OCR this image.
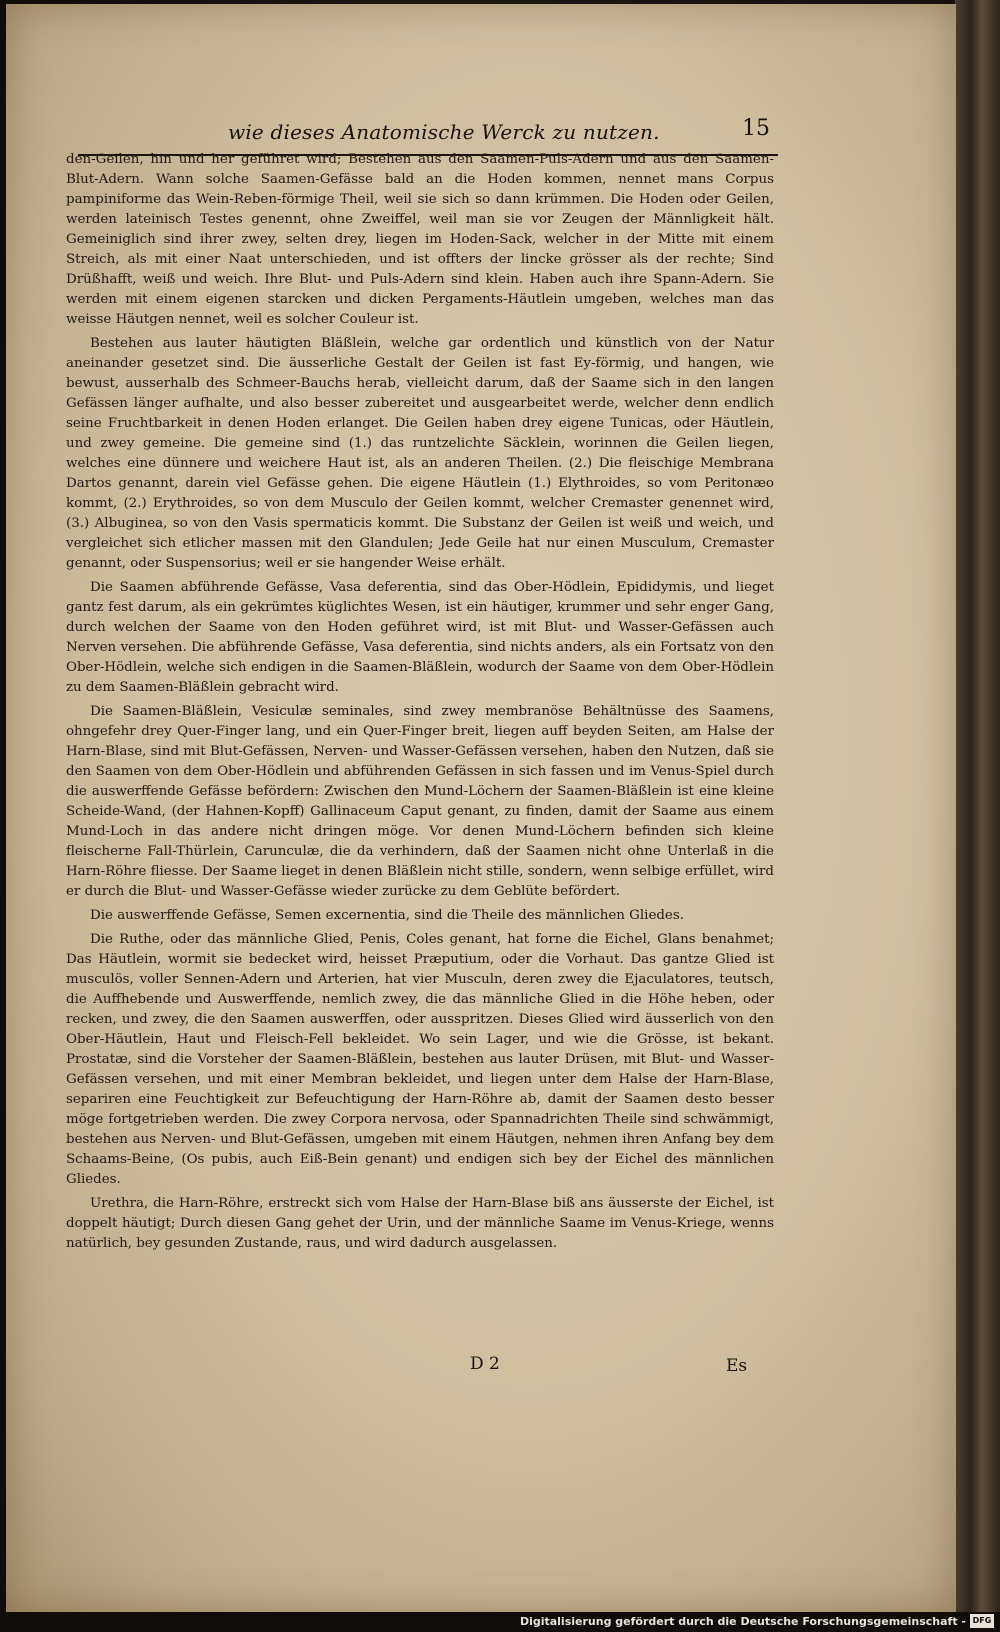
wie dieses Anatomische Werck zu nutzen.	15

den-Geilen, hin und her geführet wird; Bestehen aus den Saamen-Puls-Adern und aus den Saamen-Blut-Adern. Wann solche Saamen-Gefässe bald an die Hoden kommen, nennet mans Corpus pampiniforme das Wein-Reben-förmige Theil, weil sie sich so dann krümmen. Die Hoden oder Geilen, werden lateinisch Testes genennt, ohne Zweiffel, weil man sie vor Zeugen der Männligkeit hält. Gemeiniglich sind ihrer zwey, selten drey, liegen im Hoden-Sack, welcher in der Mitte mit einem Streich, als mit einer Naat unterschieden, und ist offters der lincke grösser als der rechte; Sind Drüßhafft, weiß und weich. Ihre Blut- und Puls-Adern sind klein. Haben auch ihre Spann-Adern. Sie werden mit einem eigenen starcken und dicken Pergaments-Häutlein umgeben, welches man das weisse Häutgen nennet, weil es solcher Couleur ist.

Bestehen aus lauter häutigten Bläßlein, welche gar ordentlich und künstlich von der Natur aneinander gesetzet sind. Die äusserliche Gestalt der Geilen ist fast Ey-förmig, und hangen, wie bewust, ausserhalb des Schmeer-Bauchs herab, vielleicht darum, daß der Saame sich in den langen Gefässen länger aufhalte, und also besser zubereitet und ausgearbeitet werde, welcher denn endlich seine Fruchtbarkeit in denen Hoden erlanget. Die Geilen haben drey eigene Tunicas, oder Häutlein, und zwey gemeine. Die gemeine sind (1.) das runtzelichte Säcklein, worinnen die Geilen liegen, welches eine dünnere und weichere Haut ist, als an anderen Theilen. (2.) Die fleischige Membrana Dartos genannt, darein viel Gefässe gehen. Die eigene Häutlein (1.) Elythroides, so vom Peritonæo kommt, (2.) Erythroides, so von dem Musculo der Geilen kommt, welcher Cremaster genennet wird, (3.) Albuginea, so von den Vasis spermaticis kommt. Die Substanz der Geilen ist weiß und weich, und vergleichet sich etlicher massen mit den Glandulen; Jede Geile hat nur einen Musculum, Cremaster genannt, oder Suspensorius; weil er sie hangender Weise erhält.

Die Saamen abführende Gefässe, Vasa deferentia, sind das Ober-Hödlein, Epididymis, und lieget gantz fest darum, als ein gekrümtes küglichtes Wesen, ist ein häutiger, krummer und sehr enger Gang, durch welchen der Saame von den Hoden geführet wird, ist mit Blut- und Wasser-Gefässen auch Nerven versehen. Die abführende Gefässe, Vasa deferentia, sind nichts anders, als ein Fortsatz von den Ober-Hödlein, welche sich endigen in die Saamen-Bläßlein, wodurch der Saame von dem Ober-Hödlein zu dem Saamen-Bläßlein gebracht wird.

Die Saamen-Bläßlein, Vesiculæ seminales, sind zwey membranöse Behältnüsse des Saamens, ohngefehr drey Quer-Finger lang, und ein Quer-Finger breit, liegen auff beyden Seiten, am Halse der Harn-Blase, sind mit Blut-Gefässen, Nerven- und Wasser-Gefässen versehen, haben den Nutzen, daß sie den Saamen von dem Ober-Hödlein und abführenden Gefässen in sich fassen und im Venus-Spiel durch die auswerffende Gefässe befördern: Zwischen den Mund-Löchern der Saamen-Bläßlein ist eine kleine Scheide-Wand, (der Hahnen-Kopff) Gallinaceum Caput genant, zu finden, damit der Saame aus einem Mund-Loch in das andere nicht dringen möge. Vor denen Mund-Löchern befinden sich kleine fleischerne Fall-Thürlein, Carunculæ, die da verhindern, daß der Saamen nicht ohne Unterlaß in die Harn-Röhre fliesse. Der Saame lieget in denen Bläßlein nicht stille, sondern, wenn selbige erfüllet, wird er durch die Blut- und Wasser-Gefässe wieder zurücke zu dem Geblüte befördert.

Die auswerffende Gefässe, Semen excernentia, sind die Theile des männlichen Gliedes.

Die Ruthe, oder das männliche Glied, Penis, Coles genant, hat forne die Eichel, Glans benahmet; Das Häutlein, wormit sie bedecket wird, heisset Præputium, oder die Vorhaut. Das gantze Glied ist musculös, voller Sennen-Adern und Arterien, hat vier Musculn, deren zwey die Ejaculatores, teutsch, die Auffhebende und Auswerffende, nemlich zwey, die das männliche Glied in die Höhe heben, oder recken, und zwey, die den Saamen auswerffen, oder ausspritzen. Dieses Glied wird äusserlich von den Ober-Häutlein, Haut und Fleisch-Fell bekleidet. Wo sein Lager, und wie die Grösse, ist bekant. Prostatæ, sind die Vorsteher der Saamen-Bläßlein, bestehen aus lauter Drüsen, mit Blut- und Wasser-Gefässen versehen, und mit einer Membran bekleidet, und liegen unter dem Halse der Harn-Blase, separiren eine Feuchtigkeit zur Befeuchtigung der Harn-Röhre ab, damit der Saamen desto besser möge fortgetrieben werden. Die zwey Corpora nervosa, oder Spannadrichten Theile sind schwämmigt, bestehen aus Nerven- und Blut-Gefässen, umgeben mit einem Häutgen, nehmen ihren Anfang bey dem Schaams-Beine, (Os pubis, auch Eiß-Bein genant) und endigen sich bey der Eichel des männlichen Gliedes.

Urethra, die Harn-Röhre, erstreckt sich vom Halse der Harn-Blase biß ans äusserste der Eichel, ist doppelt häutigt; Durch diesen Gang gehet der Urin, und der männliche Saame im Venus-Kriege, wenns natürlich, bey gesunden Zustande, raus, und wird dadurch ausgelassen.

D 2	Es
Digitalisierung gefördert durch die Deutsche Forschungsgemeinschaft - DFG
